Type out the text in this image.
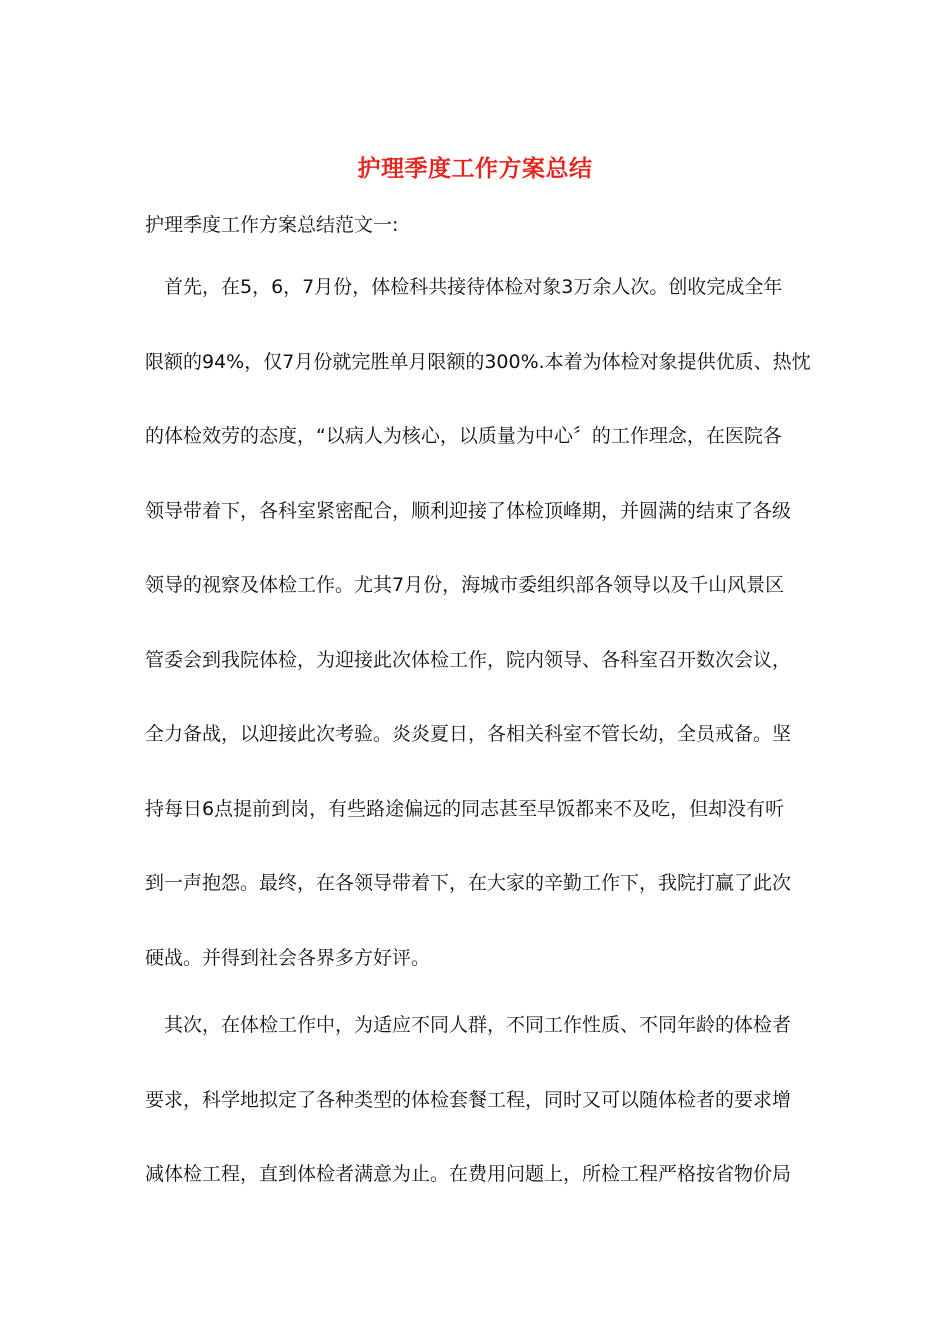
护理季度工作方案总结
护理季度工作方案总结范文一:
首先，在5，6，7月份，体检科共接待体检对象3万余人次。创收完成全年
限额的94%，仅7月份就完胜单月限额的300%.本着为体检对象提供优质、热忱
的体检效劳的态度，“以病人为核心，以质量为中心〞的工作理念，在医院各
领导带着下，各科室紧密配合，顺利迎接了体检顶峰期，并圆满的结束了各级
领导的视察及体检工作。尤其7月份，海城市委组织部各领导以及千山风景区
管委会到我院体检，为迎接此次体检工作，院内领导、各科室召开数次会议，
全力备战，以迎接此次考验。炎炎夏日，各相关科室不管长幼，全员戒备。坚
持每日6点提前到岗，有些路途偏远的同志甚至早饭都来不及吃，但却没有听
到一声抱怨。最终，在各领导带着下，在大家的辛勤工作下，我院打赢了此次
硬战。并得到社会各界多方好评。
其次，在体检工作中，为适应不同人群，不同工作性质、不同年龄的体检者
要求，科学地拟定了各种类型的体检套餐工程，同时又可以随体检者的要求增
减体检工程，直到体检者满意为止。在费用问题上，所检工程严格按省物价局
